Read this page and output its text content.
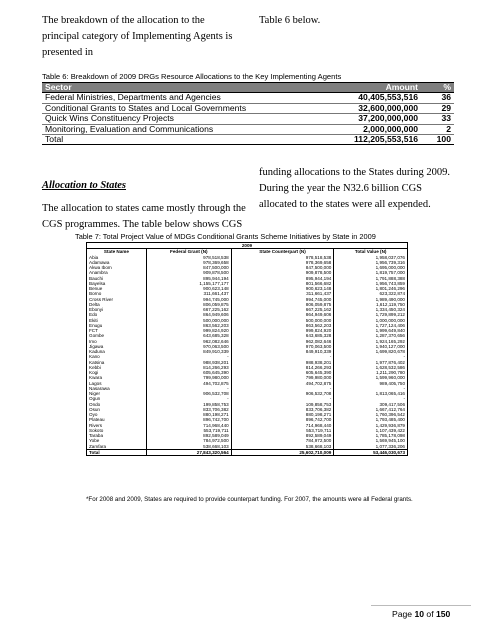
The breakdown of the allocation to the principal category of Implementing Agents is presented in
Table 6 below.
Table 6: Breakdown of 2009 DRGs Resource Allocations to the Key Implementing Agents
Sector	Amount	%
Federal Ministries, Departments and Agencies	40,405,553,516	36
Conditional Grants to States and Local Governments	32,600,000,000	29
Quick Wins Constituency Projects	37,200,000,000	33
Monitoring, Evaluation and Communications	2,000,000,000	2
Total	112,205,553,516	100
Allocation to States
The allocation to states came mostly through the CGS programmes. The table below shows CGS
funding allocations to the States during 2009. During the year the N32.6 billion CGS allocated to the states were all expended.
Table 7: Total Project Value of MDGs Conditional Grants Scheme Initiatives by State in 2009
2009			
State Name	Federal Grant (N)	State Counterpart (N)	Total Value (N)
Abia	978,518,538	978,518,538	1,958,037,076
Adamawa	978,369,658	978,369,658	1,956,739,316
Akwa Ibom	847,500,000	847,500,000	1,695,000,000
Anambra	909,878,500	909,878,500	1,819,757,000
Bauchi	895,944,194	895,944,194	1,791,888,388
Bayelsa	1,155,177,177	801,566,682	1,956,743,859
Benue	900,623,148	900,623,148	1,801,246,296
Borno	311,661,437	311,661,437	623,322,874
Cross River	994,745,000	994,745,000	1,989,490,000
Delta	806,059,875	806,059,875	1,612,119,750
Ebonyi	667,225,162	667,225,162	1,334,450,324
Edo	864,949,606	864,949,606	1,729,899,212
Ekiti	500,000,000	500,000,000	1,000,000,000
Enugu	863,562,203	863,562,203	1,727,124,406
FCT	999,824,920	999,824,920	1,999,649,840
Gombe	643,685,328	643,685,328	1,287,370,656
Imo	962,082,646	962,082,646	1,924,165,292
Jigawa	970,063,500	970,063,500	1,940,127,000
Kaduna	849,910,339	849,910,339	1,699,820,678
Kano	-	-	-
Katsina	988,938,201	988,938,201	1,977,876,402
Kebbi	814,266,293	814,266,293	1,628,532,586
Kogi	605,645,390	605,645,390	1,211,290,780
Kwara	799,980,000	799,980,000	1,599,960,000
Lagos	494,702,875	494,702,875	989,405,750
Nasarawa	-	-	-
Niger	906,532,708	906,532,708	1,813,065,416
Ogun	-	-	-
Ondo	199,858,753	109,858,753	309,417,506
Osun	833,706,382	833,706,382	1,667,412,764
Oyo	880,198,271	880,198,271	1,760,396,542
Plateau	896,742,700	896,742,700	1,793,485,400
Rivers	714,968,440	714,968,440	1,429,936,879
Sokoto	553,719,711	553,719,711	1,107,439,422
Taraba	892,589,049	892,589,049	1,785,178,098
Yobe	784,972,500	784,972,500	1,569,945,100
Zamfara	538,668,103	538,668,103	1,077,336,206
Total	27,843,320,564	25,602,710,009	53,446,030,673
*For 2008 and 2009, States are required to provide counterpart funding. For 2007, the amounts were all Federal grants.
Page 10 of 150
